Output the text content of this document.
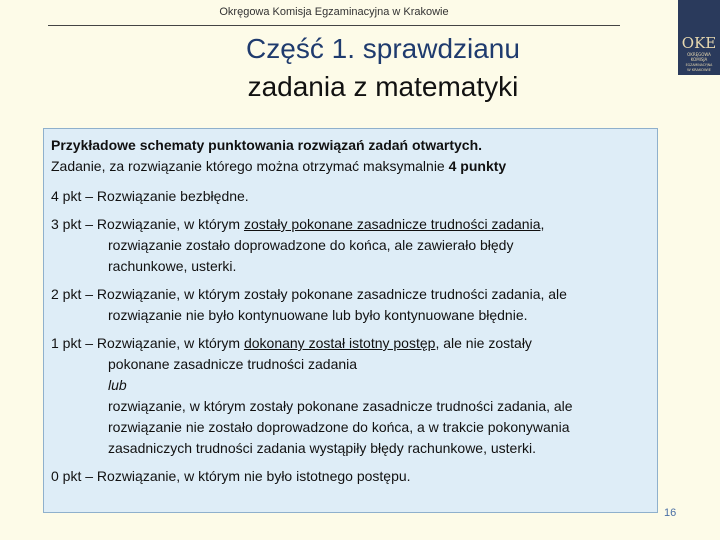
Okręgowa Komisja Egzaminacyjna w Krakowie
Część 1. sprawdzianu
zadania z matematyki
OKE
OKRĘGOWA
KOMISJA
EGZAMINACYJNA
W KRAKOWIE
Przykładowe schematy punktowania rozwiązań zadań otwartych.
Zadanie, za rozwiązanie którego można otrzymać maksymalnie 4 punkty
4 pkt – Rozwiązanie bezbłędne.
3 pkt – Rozwiązanie, w którym zostały pokonane zasadnicze trudności zadania,
rozwiązanie zostało doprowadzone do końca, ale zawierało błędy
rachunkowe, usterki.
2 pkt – Rozwiązanie, w którym zostały pokonane zasadnicze trudności zadania, ale
rozwiązanie nie było kontynuowane lub było kontynuowane błędnie.
1 pkt – Rozwiązanie, w którym dokonany został istotny postęp, ale nie zostały
pokonane zasadnicze trudności zadania
lub
rozwiązanie, w którym zostały pokonane zasadnicze trudności zadania, ale
rozwiązanie nie zostało doprowadzone do końca, a w trakcie pokonywania
zasadniczych trudności zadania wystąpiły błędy rachunkowe, usterki.
0 pkt – Rozwiązanie, w którym nie było istotnego postępu.
16
